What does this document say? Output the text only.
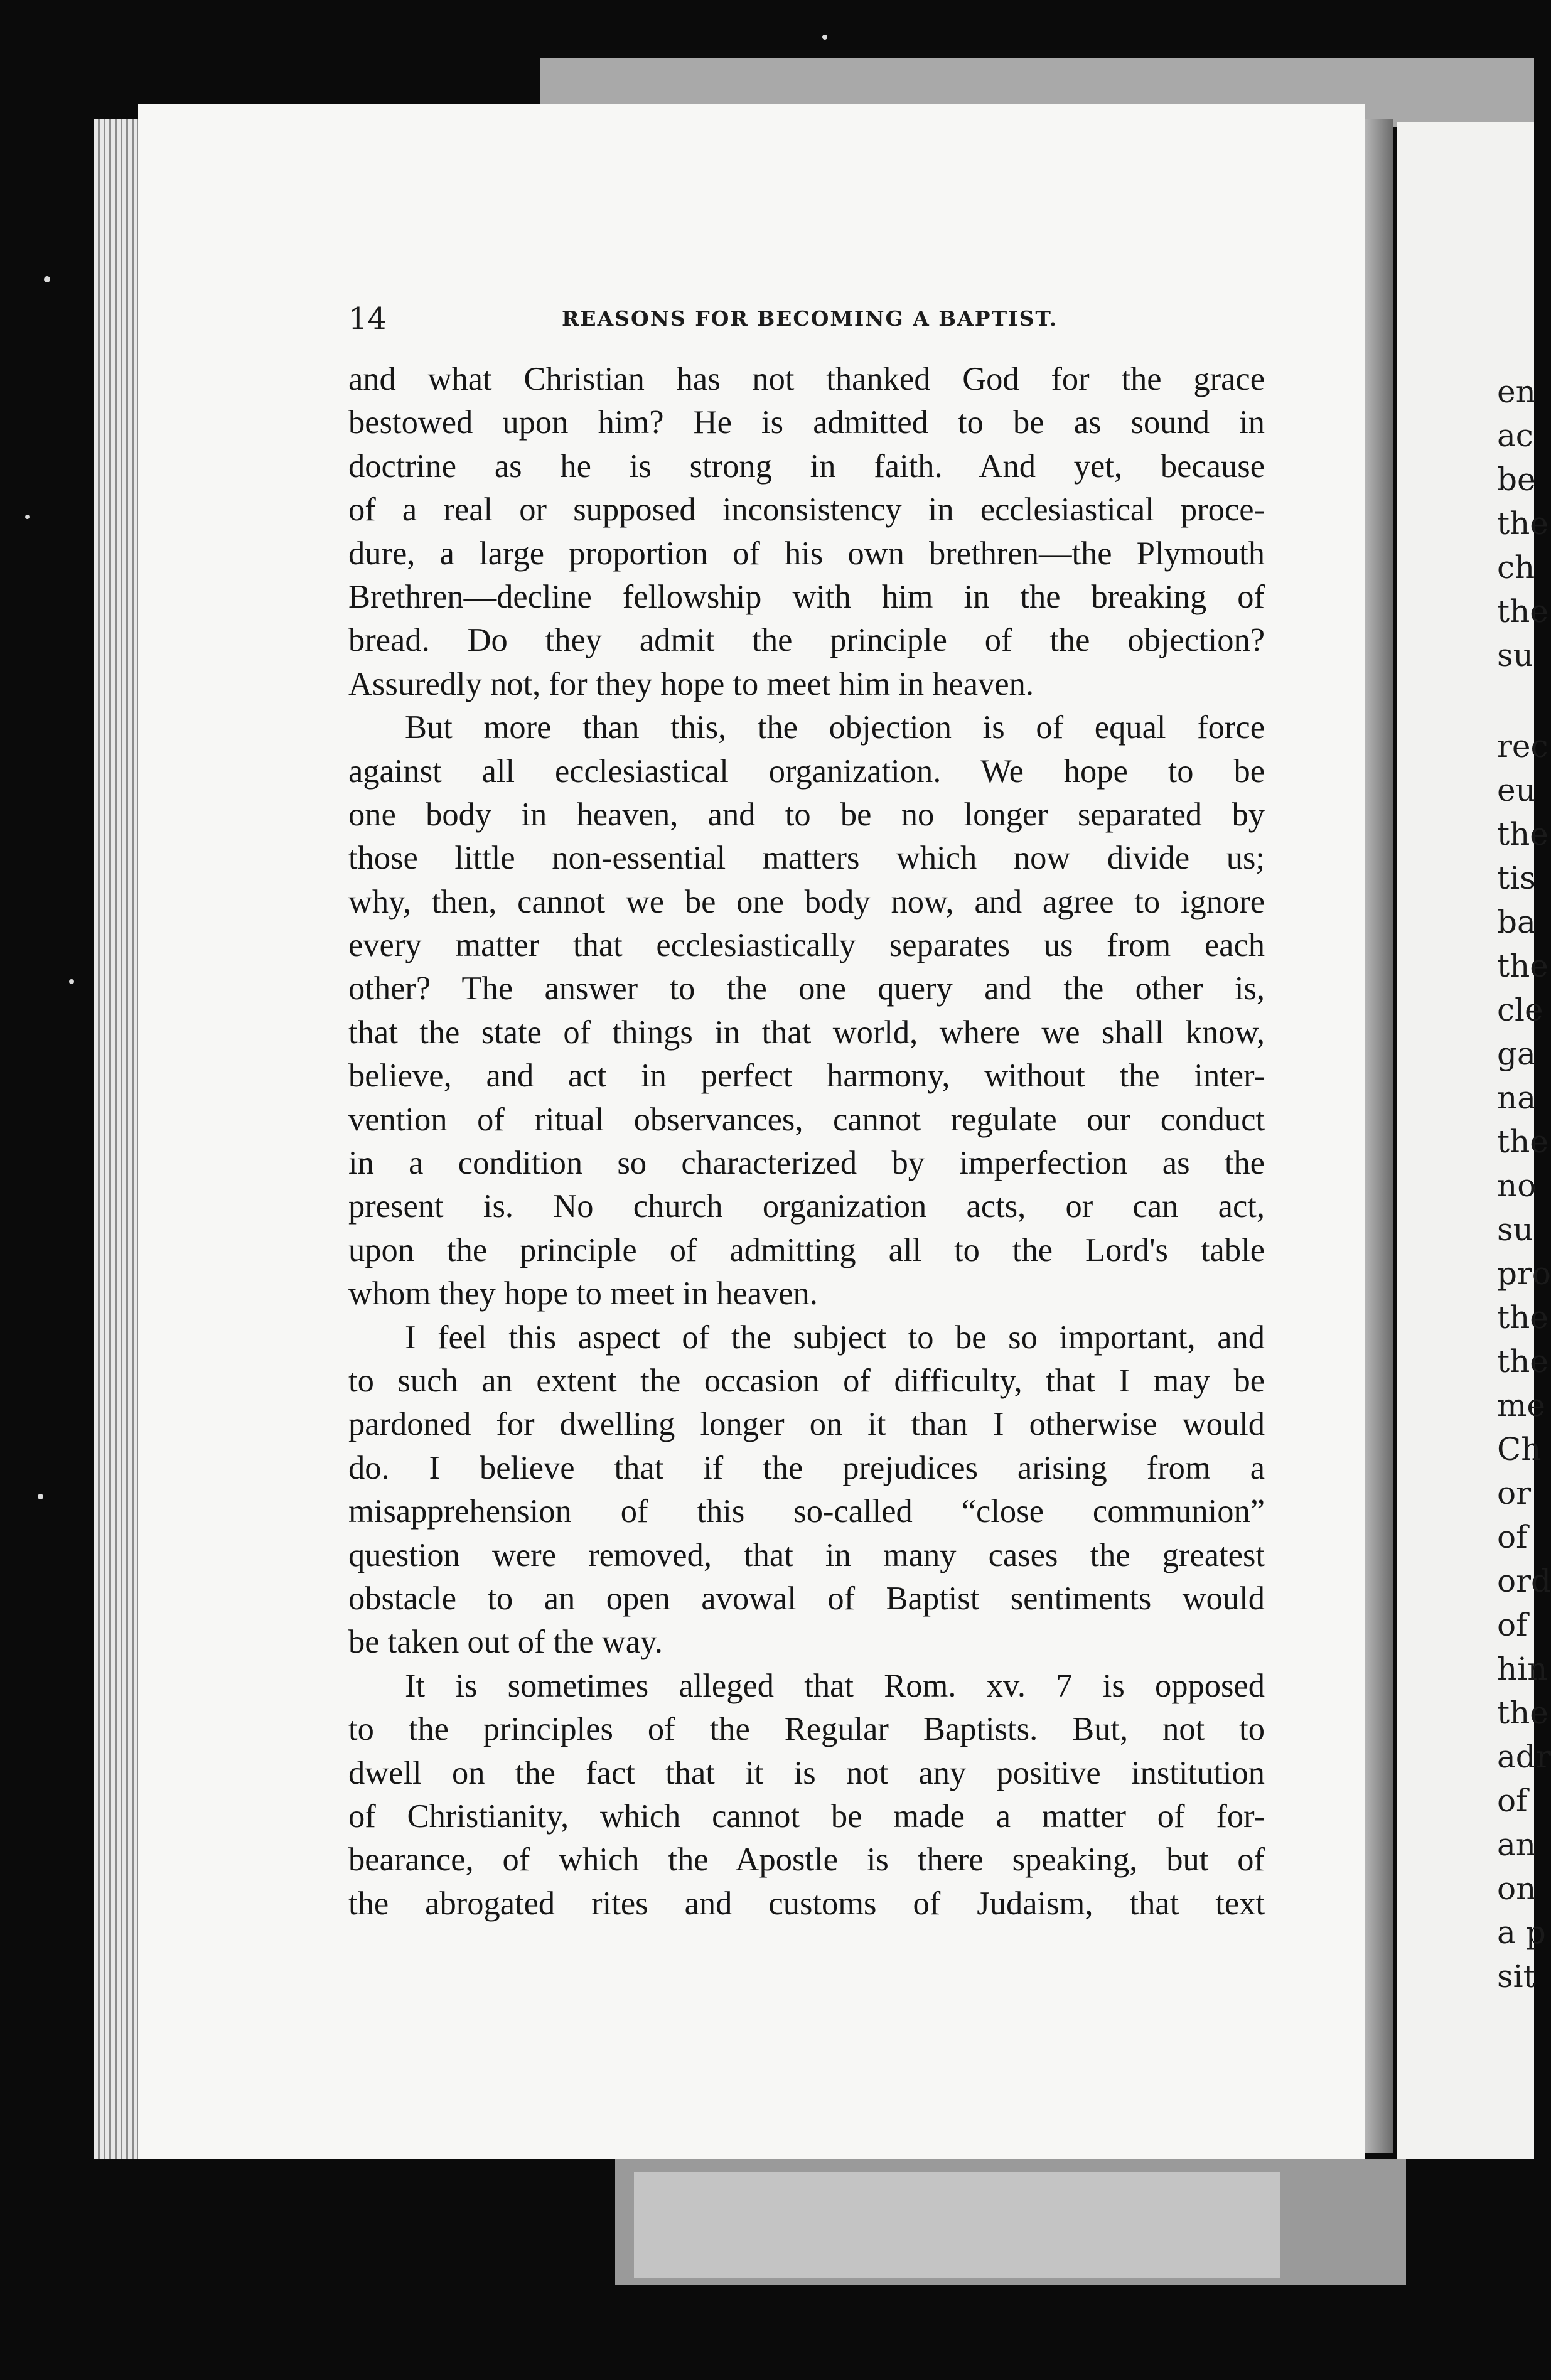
en
ac
be
the
ch
the
su
rec
eu
the
tis
ba
the
cle
ga
na
the
no
su
pro
the
the
me
Ch
or
of
ord
of
hin
the
adr
of
an
on
a p
sit
14	REASONS FOR BECOMING A BAPTIST.
and what Christian has not thanked God for the grace
bestowed upon him? He is admitted to be as sound in
doctrine as he is strong in faith. And yet, because
of a real or supposed inconsistency in ecclesiastical proce-
dure, a large proportion of his own brethren—the Plymouth
Brethren—decline fellowship with him in the breaking of
bread. Do they admit the principle of the objection?
Assuredly not, for they hope to meet him in heaven.
But more than this, the objection is of equal force
against all ecclesiastical organization. We hope to be
one body in heaven, and to be no longer separated by
those little non-essential matters which now divide us;
why, then, cannot we be one body now, and agree to ignore
every matter that ecclesiastically separates us from each
other? The answer to the one query and the other is,
that the state of things in that world, where we shall know,
believe, and act in perfect harmony, without the inter-
vention of ritual observances, cannot regulate our conduct
in a condition so characterized by imperfection as the
present is. No church organization acts, or can act,
upon the principle of admitting all to the Lord's table
whom they hope to meet in heaven.
I feel this aspect of the subject to be so important, and
to such an extent the occasion of difficulty, that I may be
pardoned for dwelling longer on it than I otherwise would
do. I believe that if the prejudices arising from a
misapprehension of this so-called “close communion”
question were removed, that in many cases the greatest
obstacle to an open avowal of Baptist sentiments would
be taken out of the way.
It is sometimes alleged that Rom. xv. 7 is opposed
to the principles of the Regular Baptists. But, not to
dwell on the fact that it is not any positive institution
of Christianity, which cannot be made a matter of for-
bearance, of which the Apostle is there speaking, but of
the abrogated rites and customs of Judaism, that text
